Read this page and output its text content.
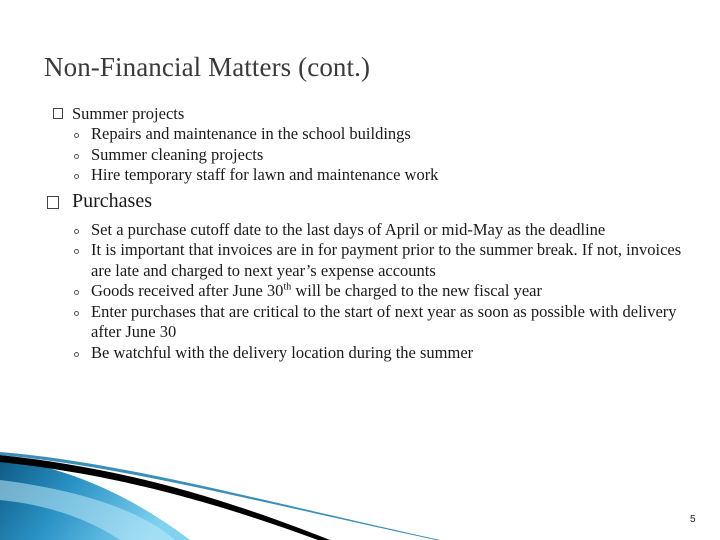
Non-Financial Matters (cont.)
Summer projects
Repairs and maintenance in the school buildings
Summer cleaning projects
Hire temporary staff for lawn and maintenance work
Purchases
Set a purchase cutoff date to the last days of April or mid-May as the deadline
It is important that invoices are in for payment prior to the summer break. If not, invoices are late and charged to next year’s expense accounts
Goods received after June 30th will be charged to the new fiscal year
Enter purchases that are critical to the start of next year as soon as possible with delivery after June 30
Be watchful with the delivery location during the summer
5
